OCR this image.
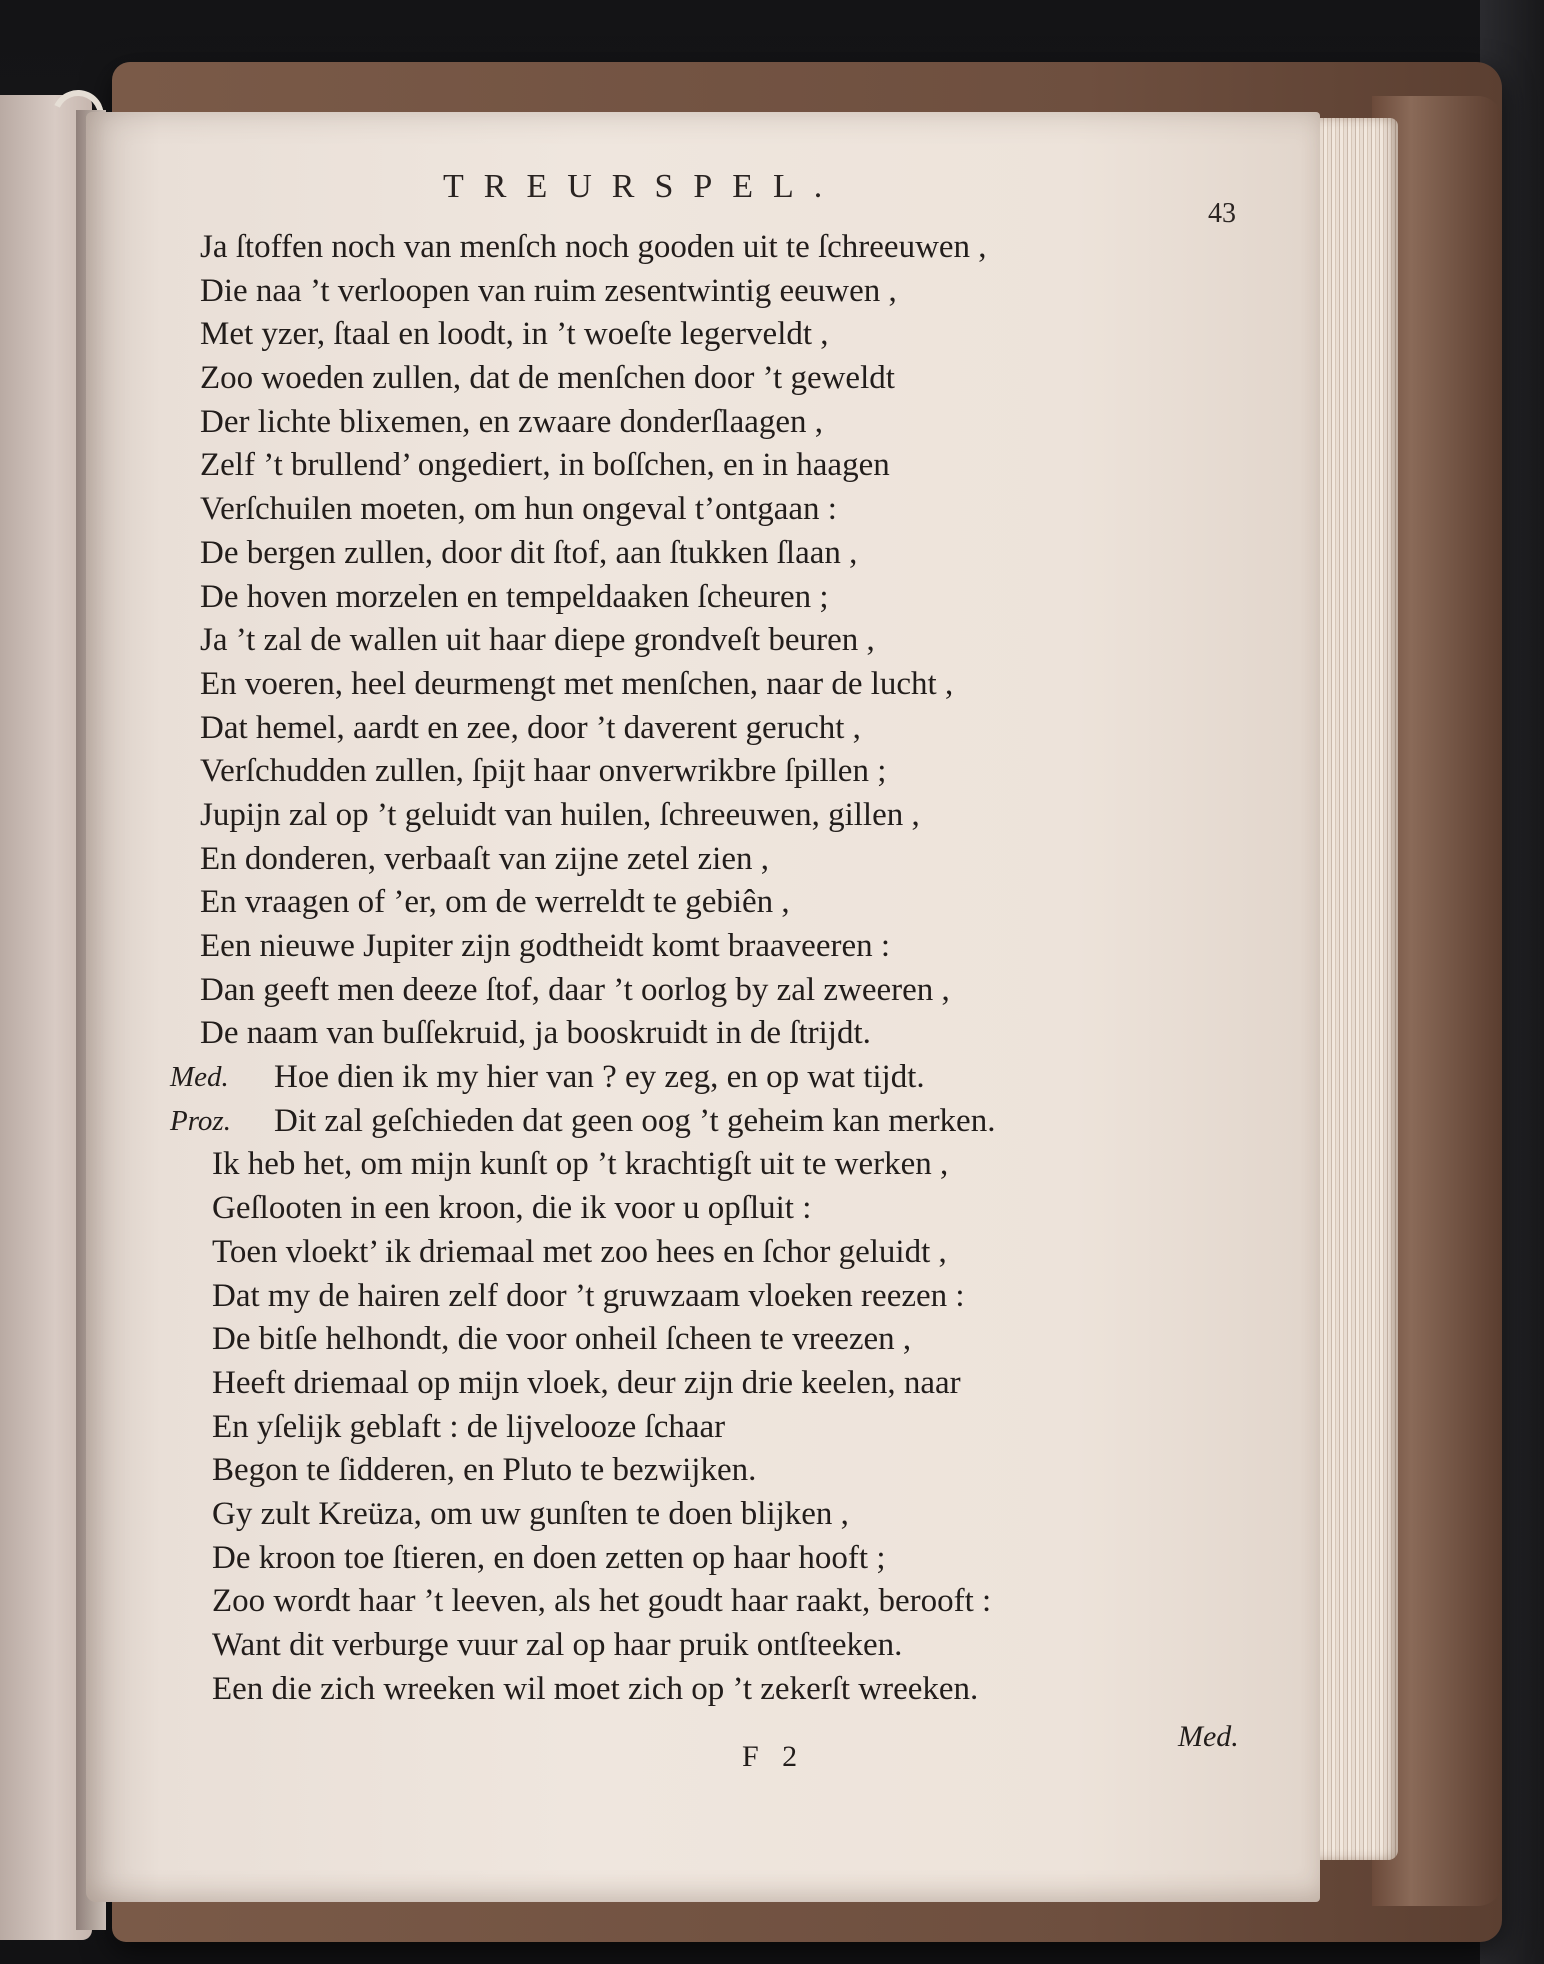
TREURSPEL.
43
Ja ſtoffen noch van menſch noch gooden uit te ſchreeuwen ,
Die naa ’t verloopen van ruim zesentwintig eeuwen ,
Met yzer, ſtaal en loodt, in ’t woeſte legerveldt ,
Zoo woeden zullen, dat de menſchen door ’t geweldt
Der lichte blixemen, en zwaare donderſlaagen ,
Zelf ’t brullend’ ongediert, in boſſchen, en in haagen
Verſchuilen moeten, om hun ongeval t’ontgaan :
De bergen zullen, door dit ſtof, aan ſtukken ſlaan ,
De hoven morzelen en tempeldaaken ſcheuren ;
Ja ’t zal de wallen uit haar diepe grondveſt beuren ,
En voeren, heel deurmengt met menſchen, naar de lucht ,
Dat hemel, aardt en zee, door ’t daverent gerucht ,
Verſchudden zullen, ſpijt haar onverwrikbre ſpillen ;
Jupijn zal op ’t geluidt van huilen, ſchreeuwen, gillen ,
En donderen, verbaaſt van zijne zetel zien ,
En vraagen of ’er, om de werreldt te gebiên ,
Een nieuwe Jupiter zijn godtheidt komt braaveeren :
Dan geeft men deeze ſtof, daar ’t oorlog by zal zweeren ,
De naam van buſſekruid, ja booskruidt in de ſtrijdt.
Med. Hoe dien ik my hier van ? ey zeg, en op wat tijdt.
Proz. Dit zal geſchieden dat geen oog ’t geheim kan merken.
Ik heb het, om mijn kunſt op ’t krachtigſt uit te werken ,
Geſlooten in een kroon, die ik voor u opſluit :
Toen vloekt’ ik driemaal met zoo hees en ſchor geluidt ,
Dat my de hairen zelf door ’t gruwzaam vloeken reezen :
De bitſe helhondt, die voor onheil ſcheen te vreezen ,
Heeft driemaal op mijn vloek, deur zijn drie keelen, naar
En yſelijk geblaft : de lijvelooze ſchaar
Begon te ſidderen, en Pluto te bezwijken.
Gy zult Kreüza, om uw gunſten te doen blijken ,
De kroon toe ſtieren, en doen zetten op haar hooft ;
Zoo wordt haar ’t leeven, als het goudt haar raakt, berooft :
Want dit verburge vuur zal op haar pruik ontſteeken.
Een die zich wreeken wil moet zich op ’t zekerſt wreeken.
Med.
F 2
